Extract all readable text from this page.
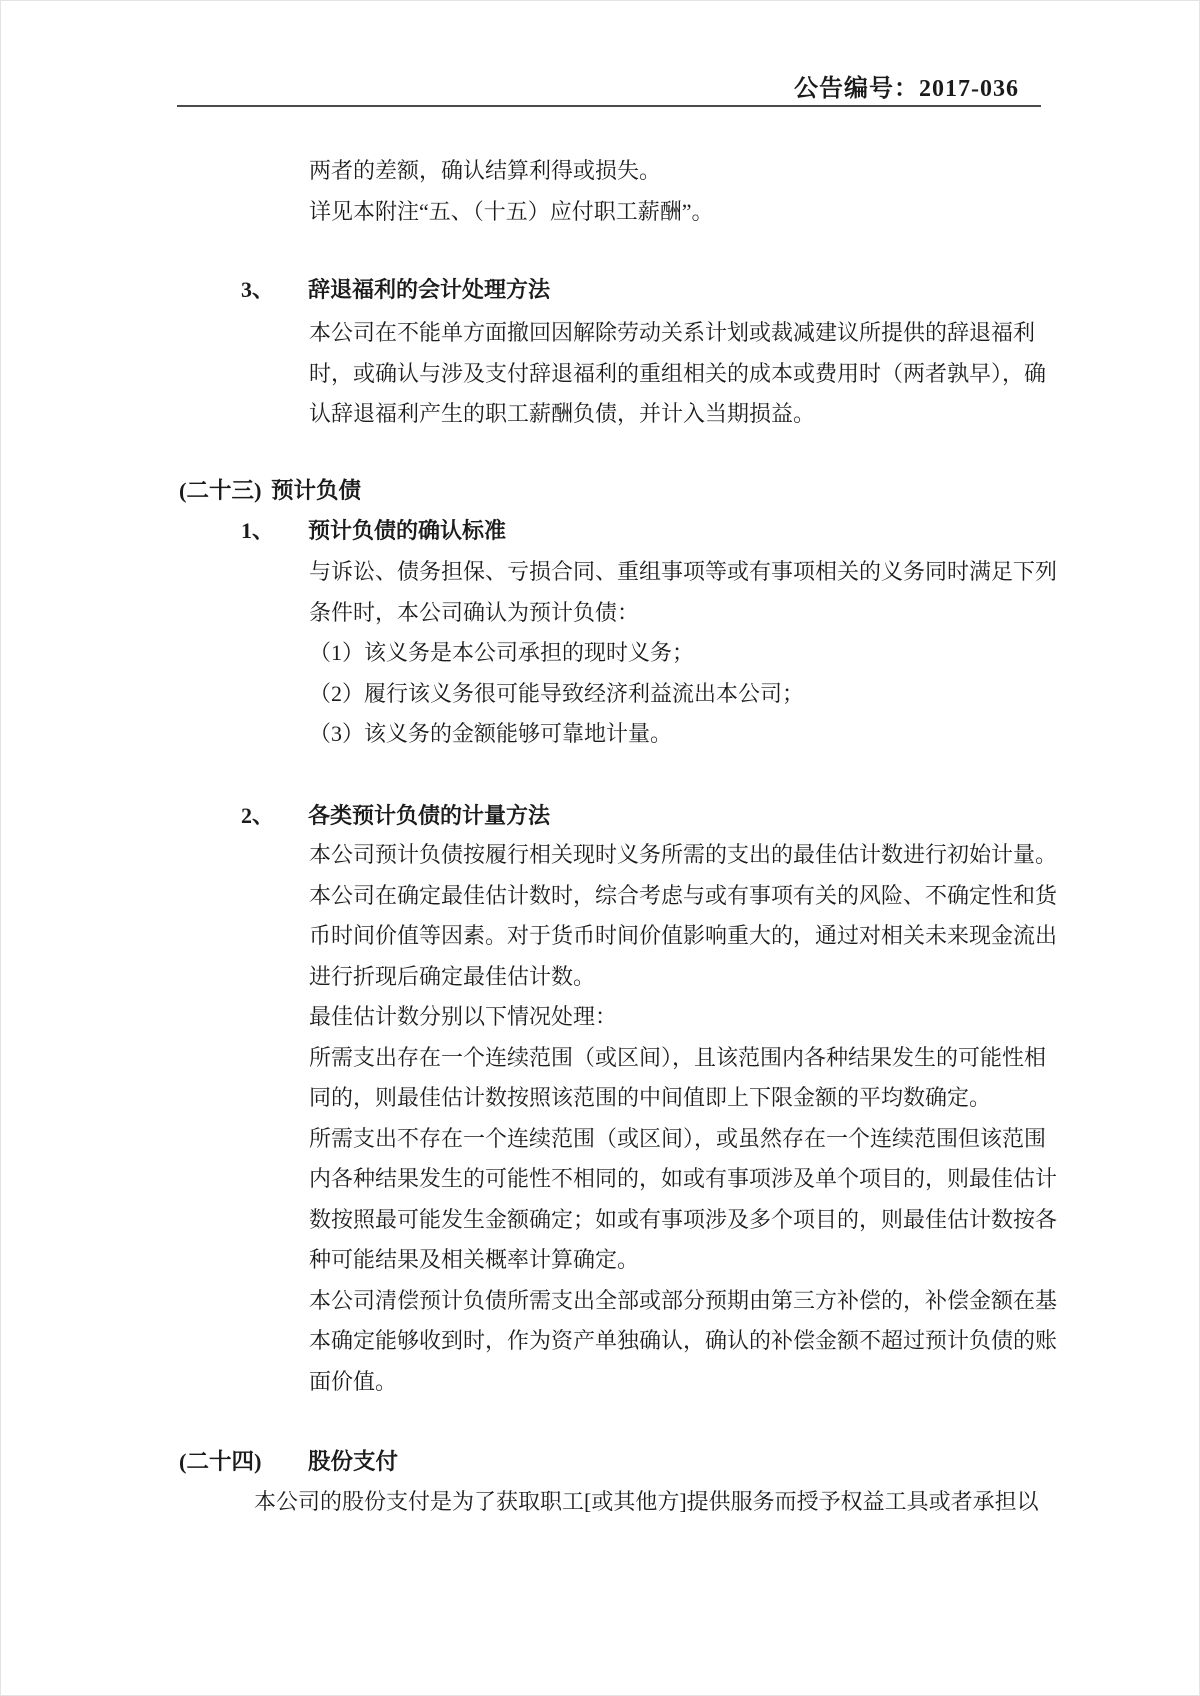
公告编号：2017-036
两者的差额，确认结算利得或损失。
详见本附注“五、（十五）应付职工薪酬”。
3、 辞退福利的会计处理方法
本公司在不能单方面撤回因解除劳动关系计划或裁减建议所提供的辞退福利
时，或确认与涉及支付辞退福利的重组相关的成本或费用时（两者孰早），确
认辞退福利产生的职工薪酬负债，并计入当期损益。
(二十三) 预计负债
1、 预计负债的确认标准
与诉讼、债务担保、亏损合同、重组事项等或有事项相关的义务同时满足下列
条件时，本公司确认为预计负债：
（1）该义务是本公司承担的现时义务；
（2）履行该义务很可能导致经济利益流出本公司；
（3）该义务的金额能够可靠地计量。
2、 各类预计负债的计量方法
本公司预计负债按履行相关现时义务所需的支出的最佳估计数进行初始计量。
本公司在确定最佳估计数时，综合考虑与或有事项有关的风险、不确定性和货
币时间价值等因素。对于货币时间价值影响重大的，通过对相关未来现金流出
进行折现后确定最佳估计数。
最佳估计数分别以下情况处理：
所需支出存在一个连续范围（或区间），且该范围内各种结果发生的可能性相
同的，则最佳估计数按照该范围的中间值即上下限金额的平均数确定。
所需支出不存在一个连续范围（或区间），或虽然存在一个连续范围但该范围
内各种结果发生的可能性不相同的，如或有事项涉及单个项目的，则最佳估计
数按照最可能发生金额确定；如或有事项涉及多个项目的，则最佳估计数按各
种可能结果及相关概率计算确定。
本公司清偿预计负债所需支出全部或部分预期由第三方补偿的，补偿金额在基
本确定能够收到时，作为资产单独确认，确认的补偿金额不超过预计负债的账
面价值。
(二十四) 股份支付
本公司的股份支付是为了获取职工[或其他方]提供服务而授予权益工具或者承担以
